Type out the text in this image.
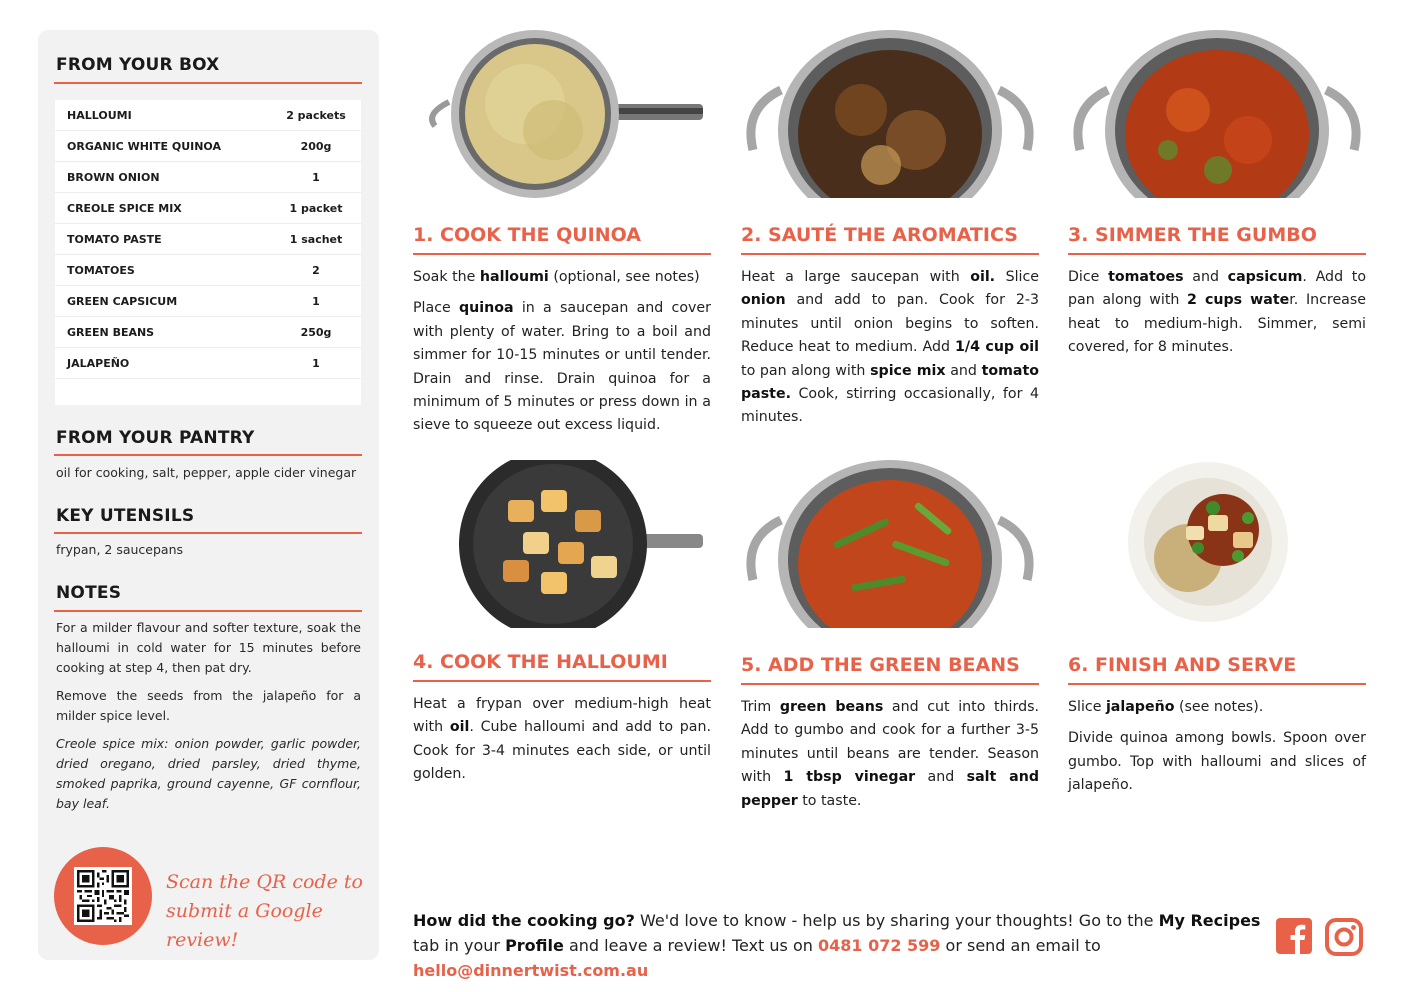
FROM YOUR BOX
HALLOUMI	2 packets
ORGANIC WHITE QUINOA	200g
BROWN ONION	1
CREOLE SPICE MIX	1 packet
TOMATO PASTE	1 sachet
TOMATOES	2
GREEN CAPSICUM	1
GREEN BEANS	250g
JALAPEÑO	1
FROM YOUR PANTRY
oil for cooking, salt, pepper, apple cider vinegar
KEY UTENSILS
frypan, 2 saucepans
NOTES
For a milder flavour and softer texture, soak the halloumi in cold water for 15 minutes before cooking at step 4, then pat dry.
Remove the seeds from the jalapeño for a milder spice level.
Creole spice mix: onion powder, garlic powder, dried oregano, dried parsley, dried thyme, smoked paprika, ground cayenne, GF cornflour, bay leaf.
Scan the QR code to submit a Google review!
1. COOK THE QUINOA

Soak the halloumi (optional, see notes)

Place quinoa in a saucepan and cover with plenty of water. Bring to a boil and simmer for 10-15 minutes or until tender. Drain and rinse. Drain quinoa for a minimum of 5 minutes or press down in a sieve to squeeze out excess liquid.

2. SAUTÉ THE AROMATICS

Heat a large saucepan with oil. Slice onion and add to pan. Cook for 2-3 minutes until onion begins to soften. Reduce heat to medium. Add 1/4 cup oil to pan along with spice mix and tomato paste. Cook, stirring occasionally, for 4 minutes.

3. SIMMER THE GUMBO

Dice tomatoes and capsicum. Add to pan along with 2 cups water. Increase heat to medium-high. Simmer, semi covered, for 8 minutes.

4. COOK THE HALLOUMI

Heat a frypan over medium-high heat with oil. Cube halloumi and add to pan. Cook for 3-4 minutes each side, or until golden.

5. ADD THE GREEN BEANS

Trim green beans and cut into thirds. Add to gumbo and cook for a further 3-5 minutes until beans are tender. Season with 1 tbsp vinegar and salt and pepper to taste.

6. FINISH AND SERVE

Slice jalapeño (see notes).

Divide quinoa among bowls. Spoon over gumbo. Top with halloumi and slices of jalapeño.

How did the cooking go? We'd love to know - help us by sharing your thoughts! Go to the My Recipes tab in your Profile and leave a review! Text us on 0481 072 599 or send an email to hello@dinnertwist.com.au
